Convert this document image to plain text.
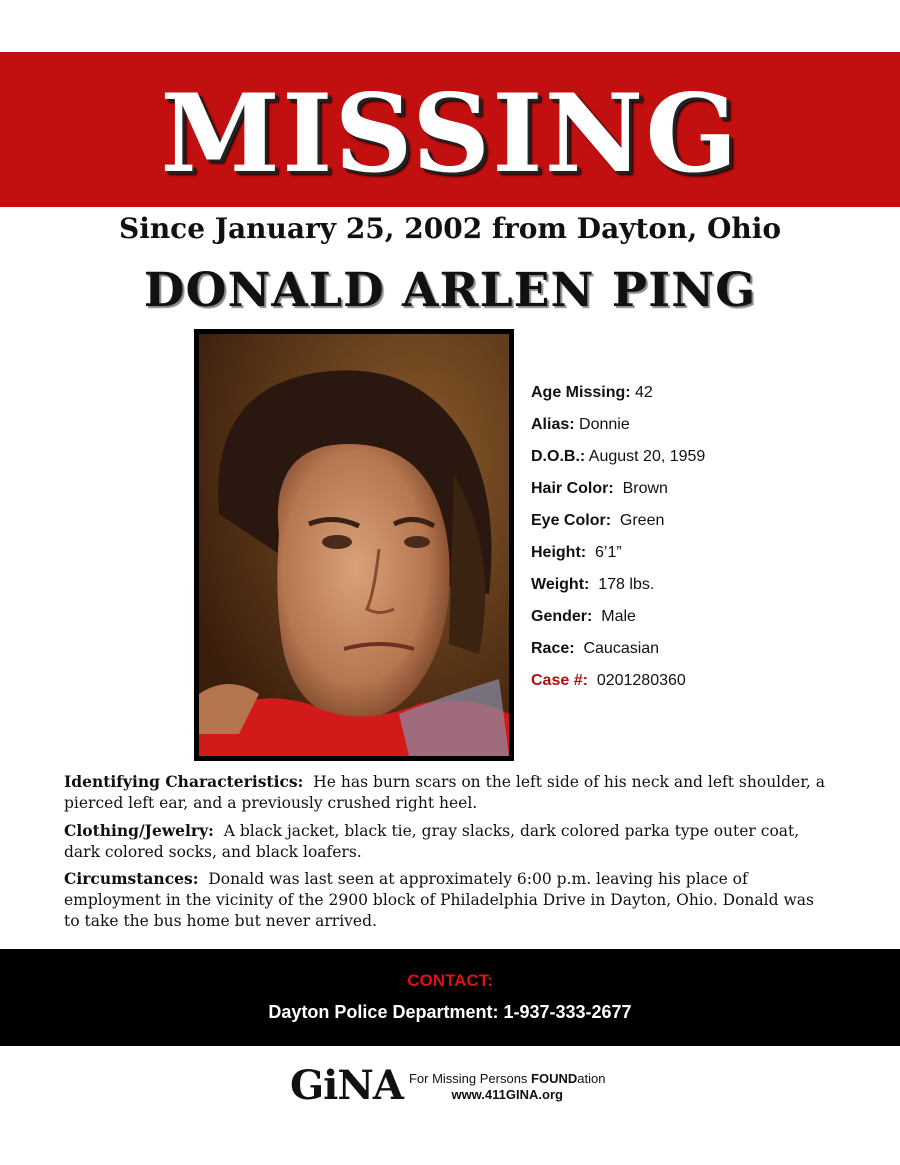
MISSING
Since January 25, 2002 from Dayton, Ohio
DONALD ARLEN PING
Age Missing: 42
Alias: Donnie
D.O.B.: August 20, 1959
Hair Color: Brown
Eye Color: Green
Height: 6’1”
Weight: 178 lbs.
Gender: Male
Race: Caucasian
Case #: 0201280360
Identifying Characteristics: He has burn scars on the left side of his neck and left shoulder, a pierced left ear, and a previously crushed right heel.
Clothing/Jewelry: A black jacket, black tie, gray slacks, dark colored parka type outer coat, dark colored socks, and black loafers.
Circumstances: Donald was last seen at approximately 6:00 p.m. leaving his place of employment in the vicinity of the 2900 block of Philadelphia Drive in Dayton, Ohio. Donald was to take the bus home but never arrived.
CONTACT:
Dayton Police Department: 1-937-333-2677
GiNA For Missing Persons FOUNDation
www.411GINA.org
